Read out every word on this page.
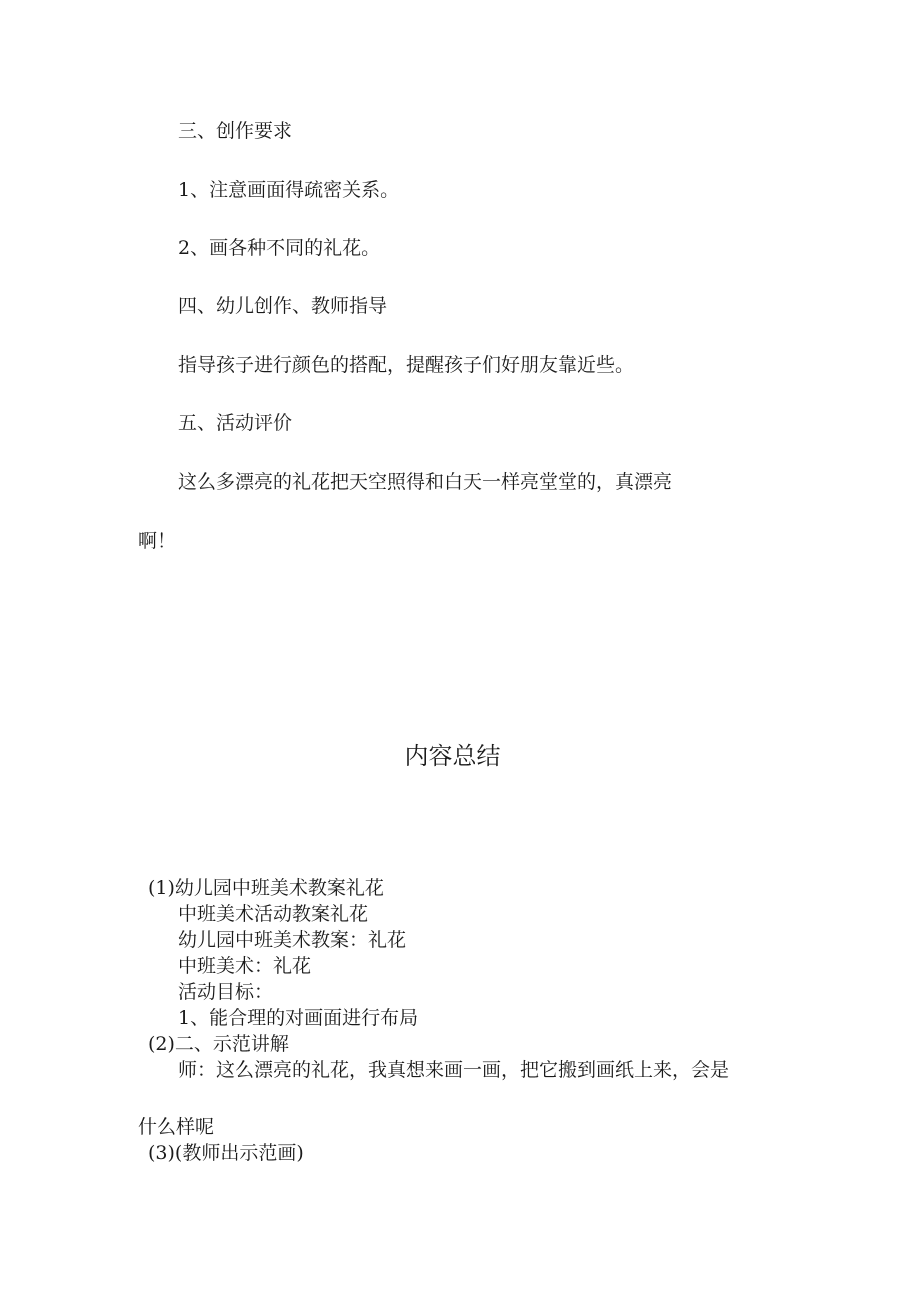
三、创作要求
1、注意画面得疏密关系。
2、画各种不同的礼花。
四、幼儿创作、教师指导
指导孩子进行颜色的搭配，提醒孩子们好朋友靠近些。
五、活动评价
这么多漂亮的礼花把天空照得和白天一样亮堂堂的，真漂亮
啊！
内容总结
(1)幼儿园中班美术教案礼花
中班美术活动教案礼花
幼儿园中班美术教案：礼花
中班美术：礼花
活动目标：
1、能合理的对画面进行布局
(2)二、示范讲解
师：这么漂亮的礼花，我真想来画一画，把它搬到画纸上来，会是
什么样呢
(3)(教师出示范画)
